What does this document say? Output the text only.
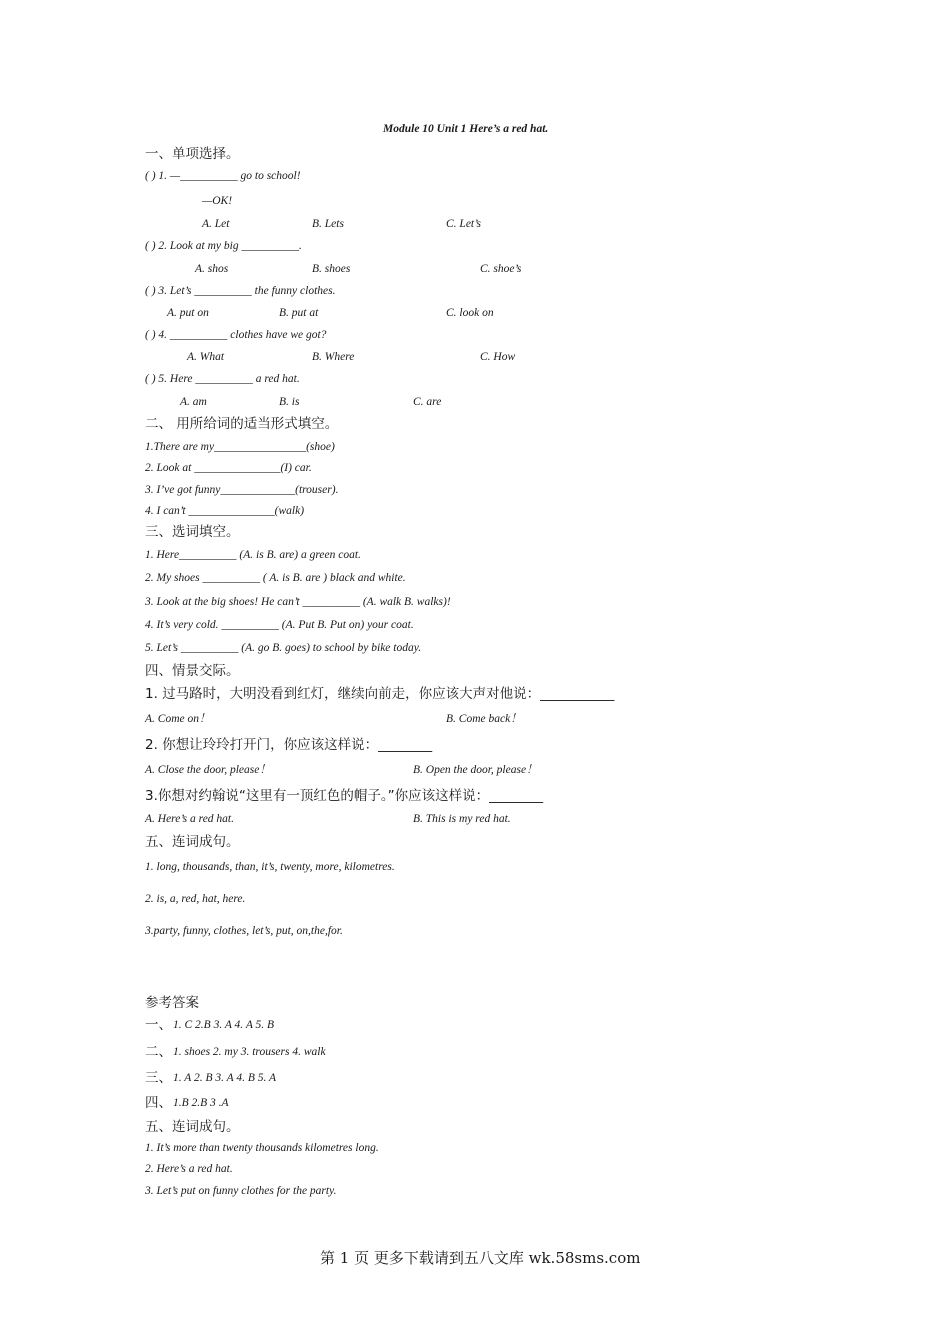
Module 10 Unit 1 Here’s a red hat.
一、单项选择。
( ) 1. —__________ go to school!
—OK!
A. Let	B. Lets	C. Let’s
( ) 2. Look at my big __________.
A. shos	B. shoes	C. shoe’s
( ) 3. Let’s __________ the funny clothes.
A. put on	B. put at	C. look on
( ) 4. __________ clothes have we got?
A. What	B. Where	C. How
( ) 5. Here __________ a red hat.
A. am	B. is	C. are
二、 用所给词的适当形式填空。
1.There are my________________(shoe)
2. Look at _______________(I) car.
3. I’ve got funny_____________(trouser).
4. I can’t _______________(walk)
三、选词填空。
1. Here__________ (A. is B. are) a green coat.
2. My shoes __________ ( A. is B. are ) black and white.
3. Look at the big shoes! He can’t __________ (A. walk B. walks)!
4. It’s very cold. __________ (A. Put B. Put on) your coat.
5. Let’s __________ (A. go B. goes) to school by bike today.
四、情景交际。
1. 过马路时，大明没看到红灯，继续向前走，你应该大声对他说：___________
A. Come on！	B. Come back！
2. 你想让玲玲打开门，你应该这样说：________
A. Close the door, please！	B. Open the door, please！
3.你想对约翰说“这里有一顶红色的帽子。”你应该这样说：________
A. Here’s a red hat.	B. This is my red hat.
五、连词成句。
1. long, thousands, than, it’s, twenty, more, kilometres.
2. is, a, red, hat, here.
3.party, funny, clothes, let’s, put, on,the,for.
参考答案
一、 1. C 2.B 3. A 4. A 5. B
二、 1. shoes 2. my 3. trousers 4. walk
三、 1. A 2. B 3. A 4. B 5. A
四、 1.B 2.B 3 .A
五、连词成句。
1. It’s more than twenty thousands kilometres long.
2. Here’s a red hat.
3. Let’s put on funny clothes for the party.
第 1 页 更多下载请到五八文库 wk.58sms.com
